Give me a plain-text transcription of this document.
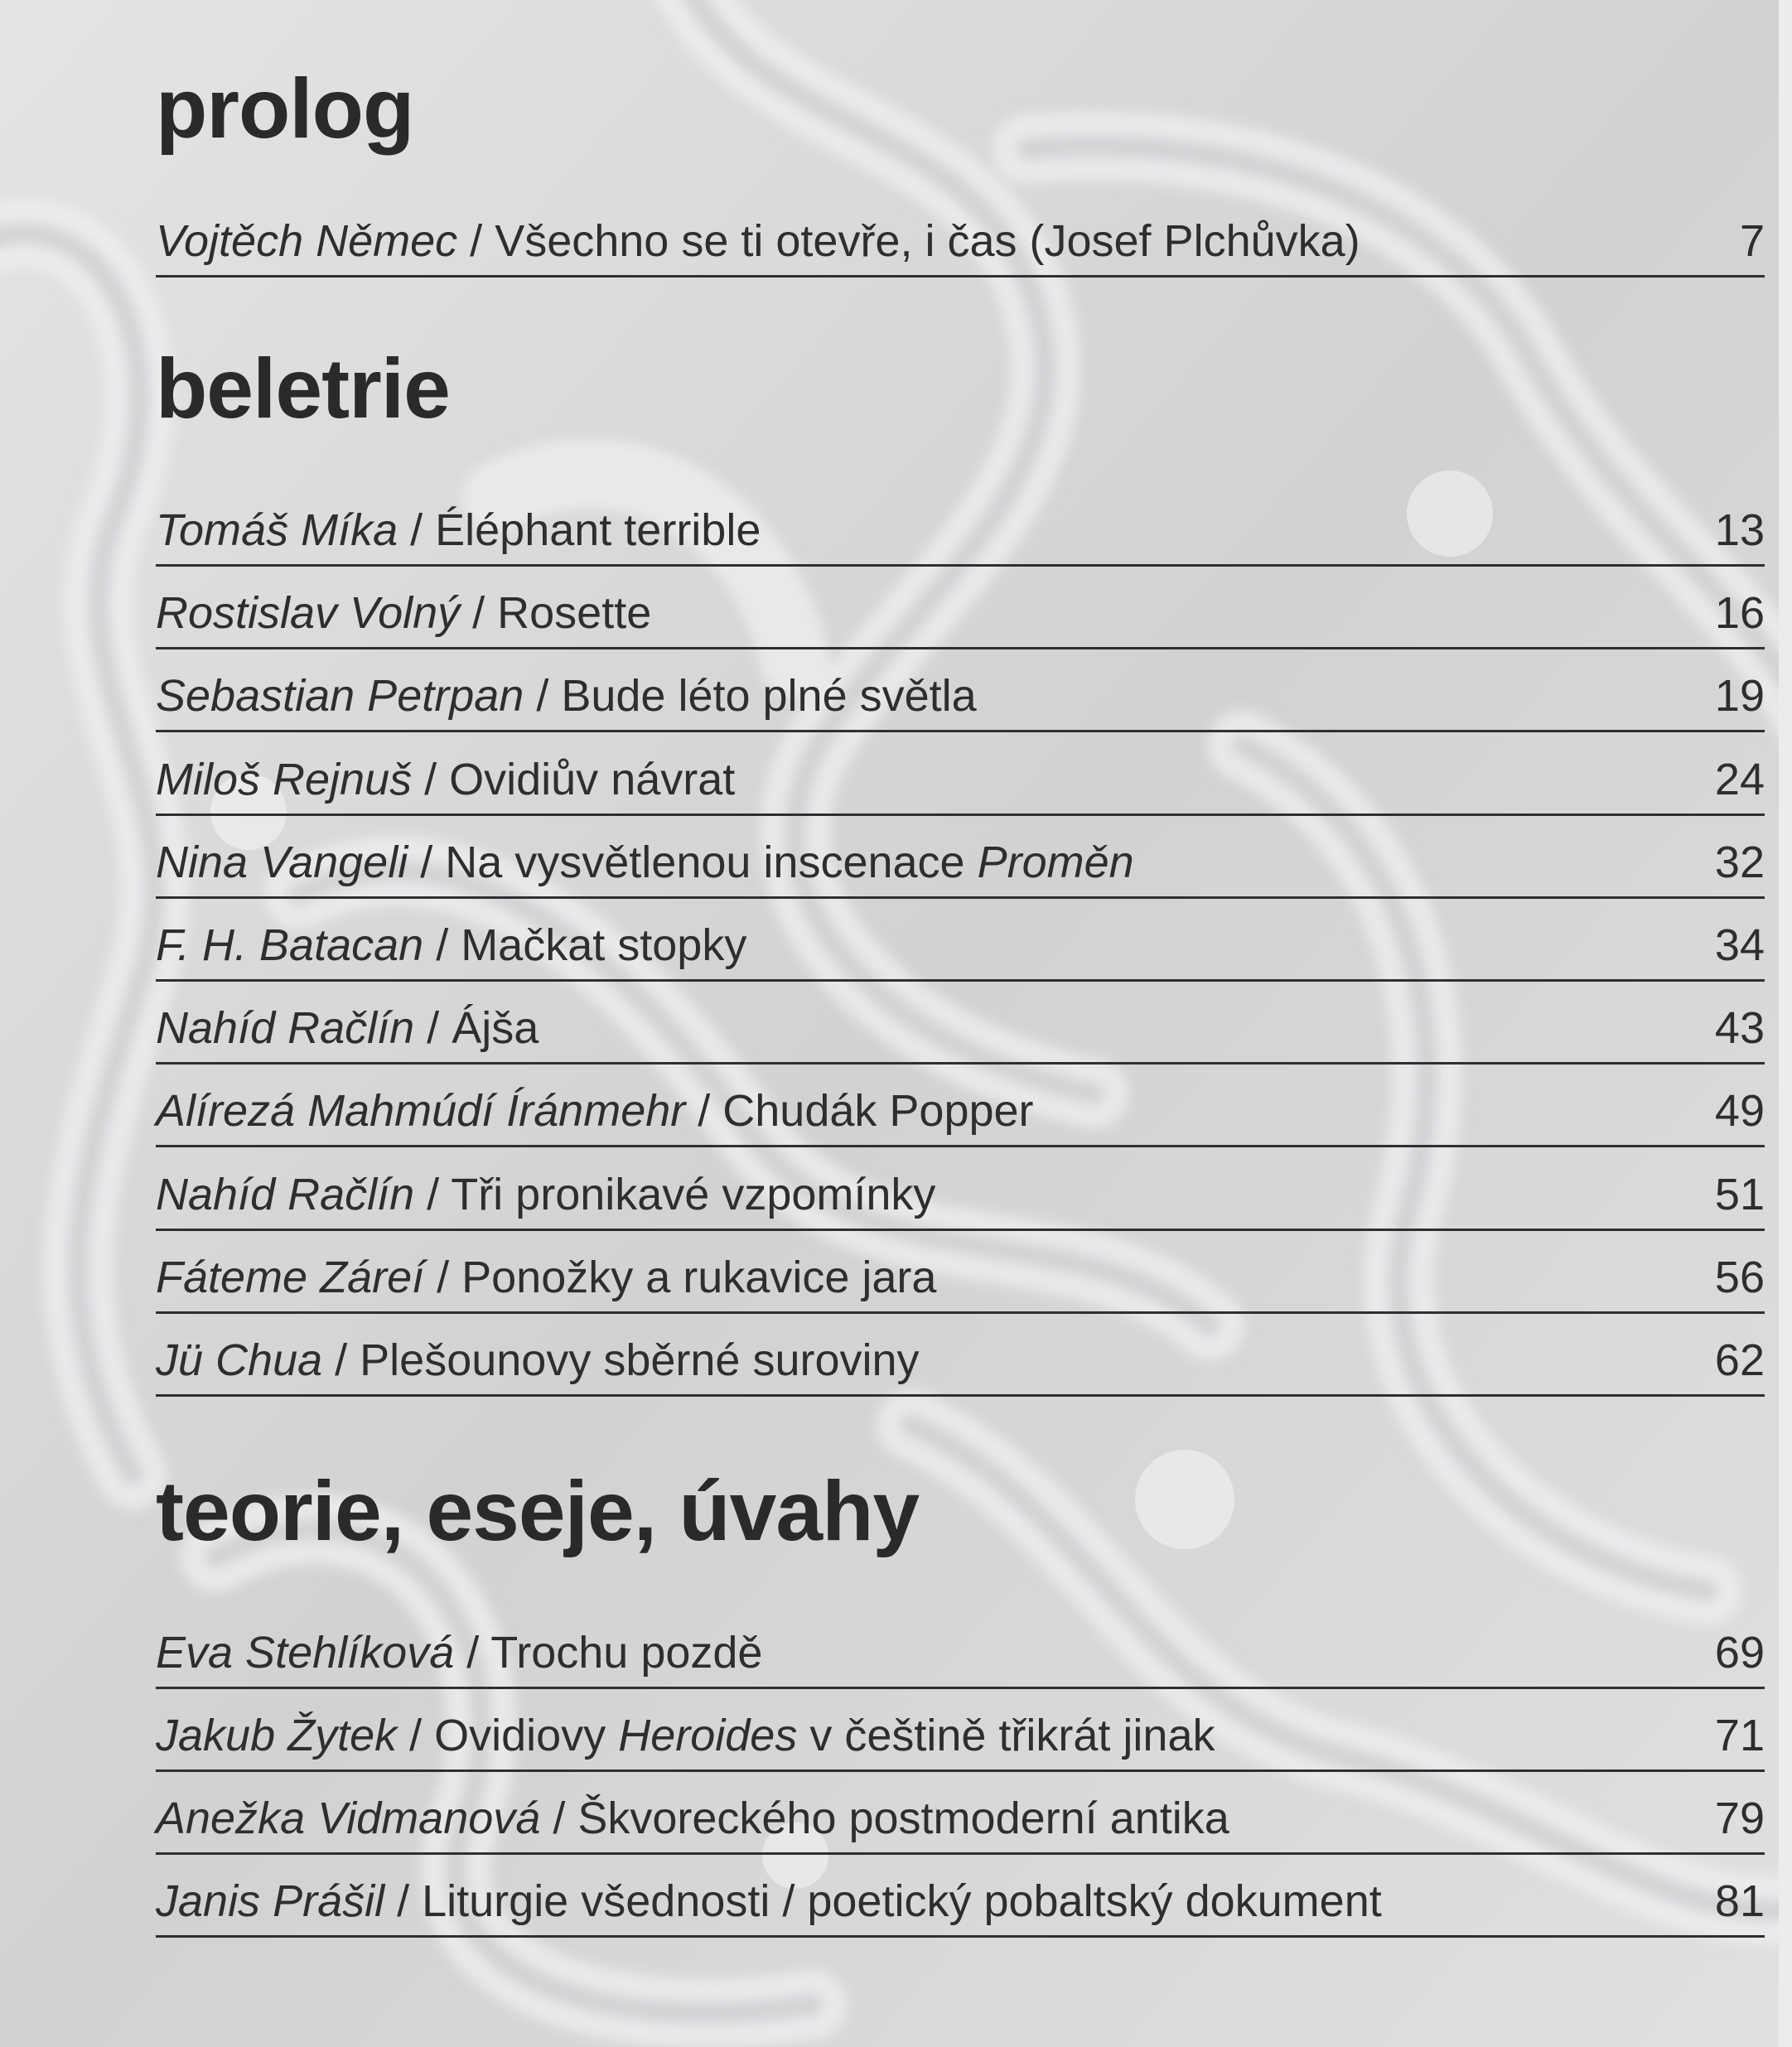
prolog
Vojtěch Němec / Všechno se ti otevře, i čas (Josef Plchůvka)	7
beletrie
Tomáš Míka / Éléphant terrible	13
Rostislav Volný / Rosette	16
Sebastian Petrpan / Bude léto plné světla	19
Miloš Rejnuš / Ovidiův návrat	24
Nina Vangeli / Na vysvětlenou inscenace Proměn	32
F. H. Batacan / Mačkat stopky	34
Nahíd Račlín / Ájša	43
Alírezá Mahmúdí Íránmehr / Chudák Popper	49
Nahíd Račlín / Tři pronikavé vzpomínky	51
Fáteme Záreí / Ponožky a rukavice jara	56
Jü Chua / Plešounovy sběrné suroviny	62
teorie, eseje, úvahy
Eva Stehlíková / Trochu pozdě	69
Jakub Žytek / Ovidiovy Heroides v češtině třikrát jinak	71
Anežka Vidmanová / Škvoreckého postmoderní antika	79
Janis Prášil / Liturgie všednosti / poetický pobaltský dokument	81
